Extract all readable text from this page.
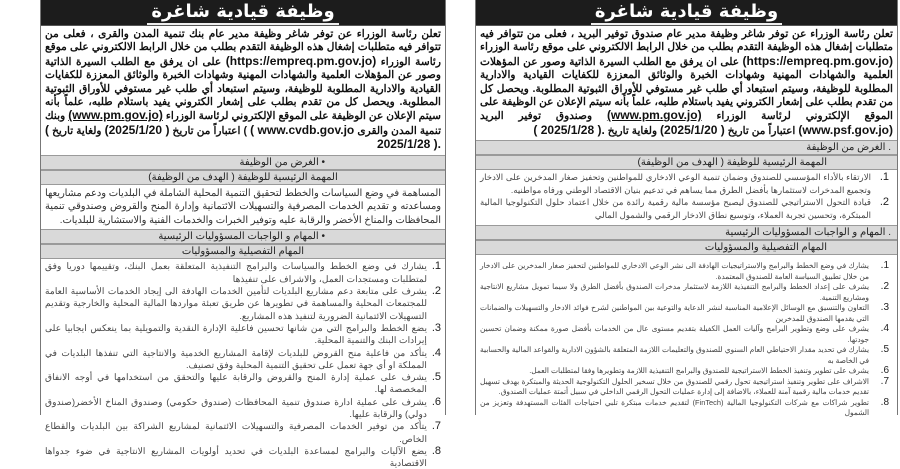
وظيفة قيادية شاغرة
تعلن رئاسة الوزراء عن توفر شاغر وظيفة مدير عام بنك تنمية المدن والقرى ، فعلى من تتوافر فيه متطلبات إشغال هذه الوظيفة التقدم بطلب من خلال الرابط الالكتروني على موقع رئاسة الوزراء (https://empreq.pm.gov.jo) على ان يرفق مع الطلب السيرة الذاتية وصور عن المؤهلات العلمية والشهادات المهنية وشهادات الخبرة والوثائق المعززة للكفايات القيادية والادارية المطلوبة للوظيفة، وسيتم استبعاد أي طلب غير مستوفي للأوراق الثبوتية المطلوبة. ويحصل كل من تقدم بطلب على إشعار الكتروني يفيد باستلام طلبه، علماً بأنه سيتم الإعلان عن الوظيفة على الموقع الإلكتروني لرئاسة الوزراء (www.pm.gov.jo) وبنك تنمية المدن والقرى ( www.cvdb.gov.jo ) اعتباراً من تاريخ (2025/1/20 ) ولغاية تاريخ ( 2025/1/28 ).
• الغرض من الوظيفة
المهمة الرئيسية للوظيفة ( الهدف من الوظيفة)
المساهمة في وضع السياسات والخطط لتحقيق التنمية المحلية الشاملة في البلديات ودعم مشاريعها ومساعدته و تقديم الخدمات المصرفية والتسهيلات الائتمانية وإدارة المنح والقروض وصندوقي تنمية المحافظات والمناخ الأخضر والرقابة عليه وتوفير الخبرات والخدمات الفنية والاستشارية للبلديات.
• المهام و الواجبات المسؤوليات الرئيسية
المهام التفصيلية والمسؤوليات
1.
يشارك في وضع الخطط والسياسات والبرامج التنفيذية المتعلقة بعمل البنك، وتقييمها دوريا وفق لمتطلبات ومستجدات العمل، والاشراف على تنفيذها
2.
يشرف على متابعة دعم مشاريع البلديات لتأمين الخدمات الهادفة الى إيجاد الخدمات الأساسية العامة للمجتمعات المحلية والمساهمة في تطويرها عن طريق تعبئة مواردها المالية المحلية والخارجية وتقديم التسهيلات الائتمانية الضرورية لتنفيذ هذه المشاريع.
3.
يضع الخطط والبرامج التي من شانها تحسين فاعلية الإدارة النقدية والتمويلية بما ينعكس ايجابيا على إيرادات البنك والتنمية المحلية.
4.
يتأكد من فاعلية منح القروض للبلديات لإقامة المشاريع الخدمية والانتاجية التي تنفذها البلديات في المملكة او أي جهة تعمل على تحقيق التنمية المحلية وفق تصنيف.
5.
يشرف على عملية إدارة المنح والقروض والرقابة عليها والتحقق من استخدامها في أوجه الانفاق المخصصة لها.
6.
يشرف على عملية ادارة صندوق تنمية المحافظات (صندوق حكومي) وصندوق المناخ الأخضر(صندوق دولي) والرقابة عليها.
7.
يتأكد من توفير الخدمات المصرفية والتسهيلات الائتمانية لمشاريع الشراكة بين البلديات والقطاع الخاص.
8.
يضع الآليات والبرامج لمساعدة البلديات في تحديد أولويات المشاريع الانتاجية في ضوء جدواها الاقتصادية
وظيفة قيادية شاغرة
تعلن رئاسة الوزراء عن توفر شاغر وظيفة مدير عام صندوق توفير البريد ، فعلى من تتوافر فيه متطلبات إشغال هذه الوظيفة التقدم بطلب من خلال الرابط الالكتروني على موقع رئاسة الوزراء (https://empreq.pm.gov.jo) على ان يرفق مع الطلب السيرة الذاتية وصور عن المؤهلات العلمية والشهادات المهنية وشهادات الخبرة والوثائق المعززة للكفايات القيادية والادارية المطلوبة للوظيفة، وسيتم استبعاد أي طلب غير مستوفي للأوراق الثبوتية المطلوبة. ويحصل كل من تقدم بطلب على إشعار الكتروني يفيد باستلام طلبه، علماً بأنه سيتم الإعلان عن الوظيفة على الموقع الإلكتروني لرئاسة الوزراء (www.pm.gov.jo) وصندوق توفير البريد (www.psf.gov.jo) اعتباراً من تاريخ (2025/1/20 ) ولغاية تاريخ ( 2025/1/28 ).
. الغرض من الوظيفة
المهمة الرئيسية للوظيفة ( الهدف من الوظيفة)
1.
الارتقاء بالأداء المؤسسي للصندوق وضمان تنمية الوعي الادخاري للمواطنين وتحفيز صغار المدخرين على الادخار وتجميع المدخرات لاستثمارها بأفضل الطرق مما يساهم في تدعيم بنيان الاقتصاد الوطني ورفاه مواطنيه.
2.
قيادة التحول الاستراتيجي للصندوق ليصبح مؤسسة مالية رقمية رائدة من خلال اعتماد حلول التكنولوجيا المالية المبتكرة، وتحسين تجربة العملاء، وتوسيع نطاق الادخار الرقمي والشمول المالي
. المهام و الواجبات المسؤوليات الرئيسية
المهام التفصيلية والمسؤوليات
1.
يشارك في وضع الخطط والبرامج والاستراتيجيات الهادفة الى نشر الوعي الادخاري للمواطنين لتحفيز صغار المدخرين على الادخار من خلال تطبيق السياسة العامة للصندوق المعتمدة.
2.
يشرف على إعداد الخطط والبرامج التنفيذية اللازمة لاستثمار مدخرات الصندوق بأفضل الطرق ولا سيما تمويل مشاريع الانتاجية ومشاريع التنمية.
3.
التعاون والتنسيق مع الوسائل الإعلامية المناسبة لنشر الدعاية والتوعية بين المواطنين لشرح فوائد الادخار والتسهيلات والضمانات التي يقدمها الصندوق للمدخرين
4.
يشرف على وضع وتطوير البرامج وآليات العمل الكفيلة بتقديم مستوى عال من الخدمات بأفضل صورة ممكنة وضمان تحسين جودتها.
5.
يشارك في تحديد مقدار الاحتياطي العام السنوي للصندوق والتعليمات اللازمة المتعلقة بالشؤون الادارية والقواعد المالية والحسابية في الخاصة به
6.
يشرف على تطوير وتنفيذ الخطط الاستراتيجية للصندوق والبرامج التنفيذية اللازمة وتطويرها وفقا لمتطلبات العمل.
7.
الاشراف على تطوير وتنفيذ استراتيجية تحول رقمي للصندوق من خلال تسخير الحلول التكنولوجية الحديثة والمبتكرة بهدف تسهيل تقديم خدمات مالية رقمية آمنة للعملاء، بالاضافة إلى إدارة عمليات التحول الرقمي الداخلي في سبيل أتمتة عمليات الصندوق.
8.
تطوير شراكات مع شركات التكنولوجيا المالية (FinTech) لتقديم خدمات مبتكرة تلبي احتياجات الفئات المستهدفة وتعزيز من الشمول
